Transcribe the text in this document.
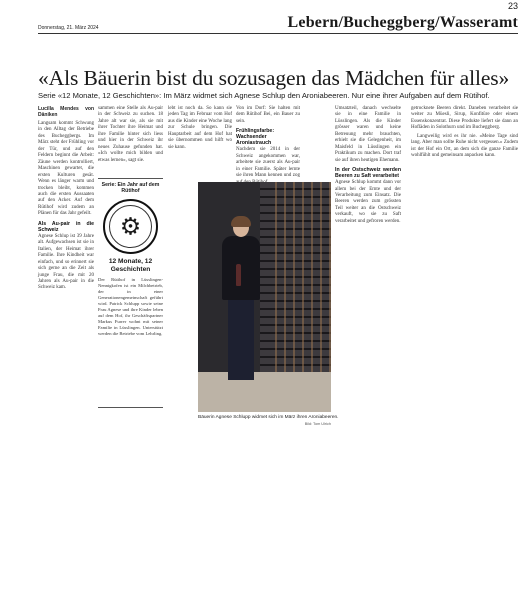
23
Donnerstag, 21. März 2024	Lebern/Bucheggberg/Wasseramt
«Als Bäuerin bist du sozusagen das Mädchen für alles»
Serie «12 Monate, 12 Geschichten»: Im März widmet sich Agnese Schlup den Aroniabeeren. Nur eine ihrer Aufgaben auf dem Rütihof.
Lucilla Mendes von Däniken

Langsam kommt Schwung in den Alltag der Betriebe des Bucheggbergs. Im März steht der Frühling vor der Tür, und auf den Feldern beginnt die Arbeit: Zäune werden kontrolliert, Maschinen gewartet, die ersten Kulturen gesät. Wenn es länger warm und trocken bleibt, kommen auch die ersten Aussaaten auf den Acker. Auf dem Rütihof wird zudem an Plänen für das Jahr gefeilt.

Als Au-pair in die Schweiz

Agnese Schlup ist 39 Jahre alt. Aufgewachsen ist sie in Italien, der Heimat ihrer Familie. Ihre Kindheit war einfach, und so erinnert sie sich gerne an die Zeit als junge Frau, die mit 20 Jahren als Au-pair in die Schweiz kam.

Serie: Ein Jahr auf dem Rütihof
⚙
12 Monate, 12 Geschichten
Der Rütihof in Lüsslingen-Nennigkofen ist ein Milchbetrieb, der in einer Generationengemeinschaft geführt wird. Patrick Schlupp sowie seine Frau Agnese und ihre Kinder leben auf dem Hof, ihr Geschäftspartner Markus Furrer wohnt mit seiner Familie in Lüsslingen. Unterstützt werden die Betriebe vom Lehrling.

sammen eine Stelle als Au-pair in der Schweiz zu suchen. 18 Jahre alt war sie, als sie mit ihrer Tochter ihre Heimat und ihre Familie hinter sich liess und hier in der Schweiz ihr neues Zuhause gefunden hat. «Ich wollte mich bilden und etwas lernen», sagt sie.

lebt ist noch da. So kann sie jeden Tag im Februar vom Hof aus die Kinder eine Woche lang zur Schule bringen. Die Hauptarbeit auf dem Hof hat sie übernommen und hilft wo sie kann.

Von im Dorf: Sie halten mit dem Rütihof Bei, ein Bauer zu sein.

Frühlingsfarbe: Wachsender Aroniastrauch

Nachdem sie 2014 in der Schweiz angekommen war, arbeitete sie zuerst als Au-pair in einer Familie. Später lernte sie ihren Mann kennen und zog

Bäuerin Agnese Schlupp widmet sich im März ihren Aroniabeeren.
Bild: Tom Ulrich

Umsatzteil, danach wechselte sie in eine Familie in Lüsslingen. Als die Kinder grösser waren und keine Betreuung mehr brauchten, erhielt sie die Gelegenheit, im Maisfeld in Lüsslingen ein Praktikum zu machen. Dort traf sie auf ihren heutigen Ehemann.

In der Ostschweiz werden Beeren zu Saft verarbeitet

Agnese Schlup kommt dann vor allem bei der Ernte und der Verarbeitung zum Einsatz. Die Beeren werden zum grössten Teil weiter an die Ostschweiz verkauft, wo sie zu Saft verarbeitet und gefroren werden.

getrocknete Beeren direkt. Daneben verarbeitet sie weiter zu Müesli, Sirup, Konfitüre oder einem Essenskonzentrat. Diese Produkte liefert sie dann an Hofläden in Solothurn und im Bucheggberg.

Langweilig wird es ihr nie. «Meine Tage sind lang. Aber man sollte Ruhe nicht vergessen.» Zudem ist der Hof ein Ort, an dem sich die ganze Familie wohlfühlt und gemeinsam anpacken kann.
